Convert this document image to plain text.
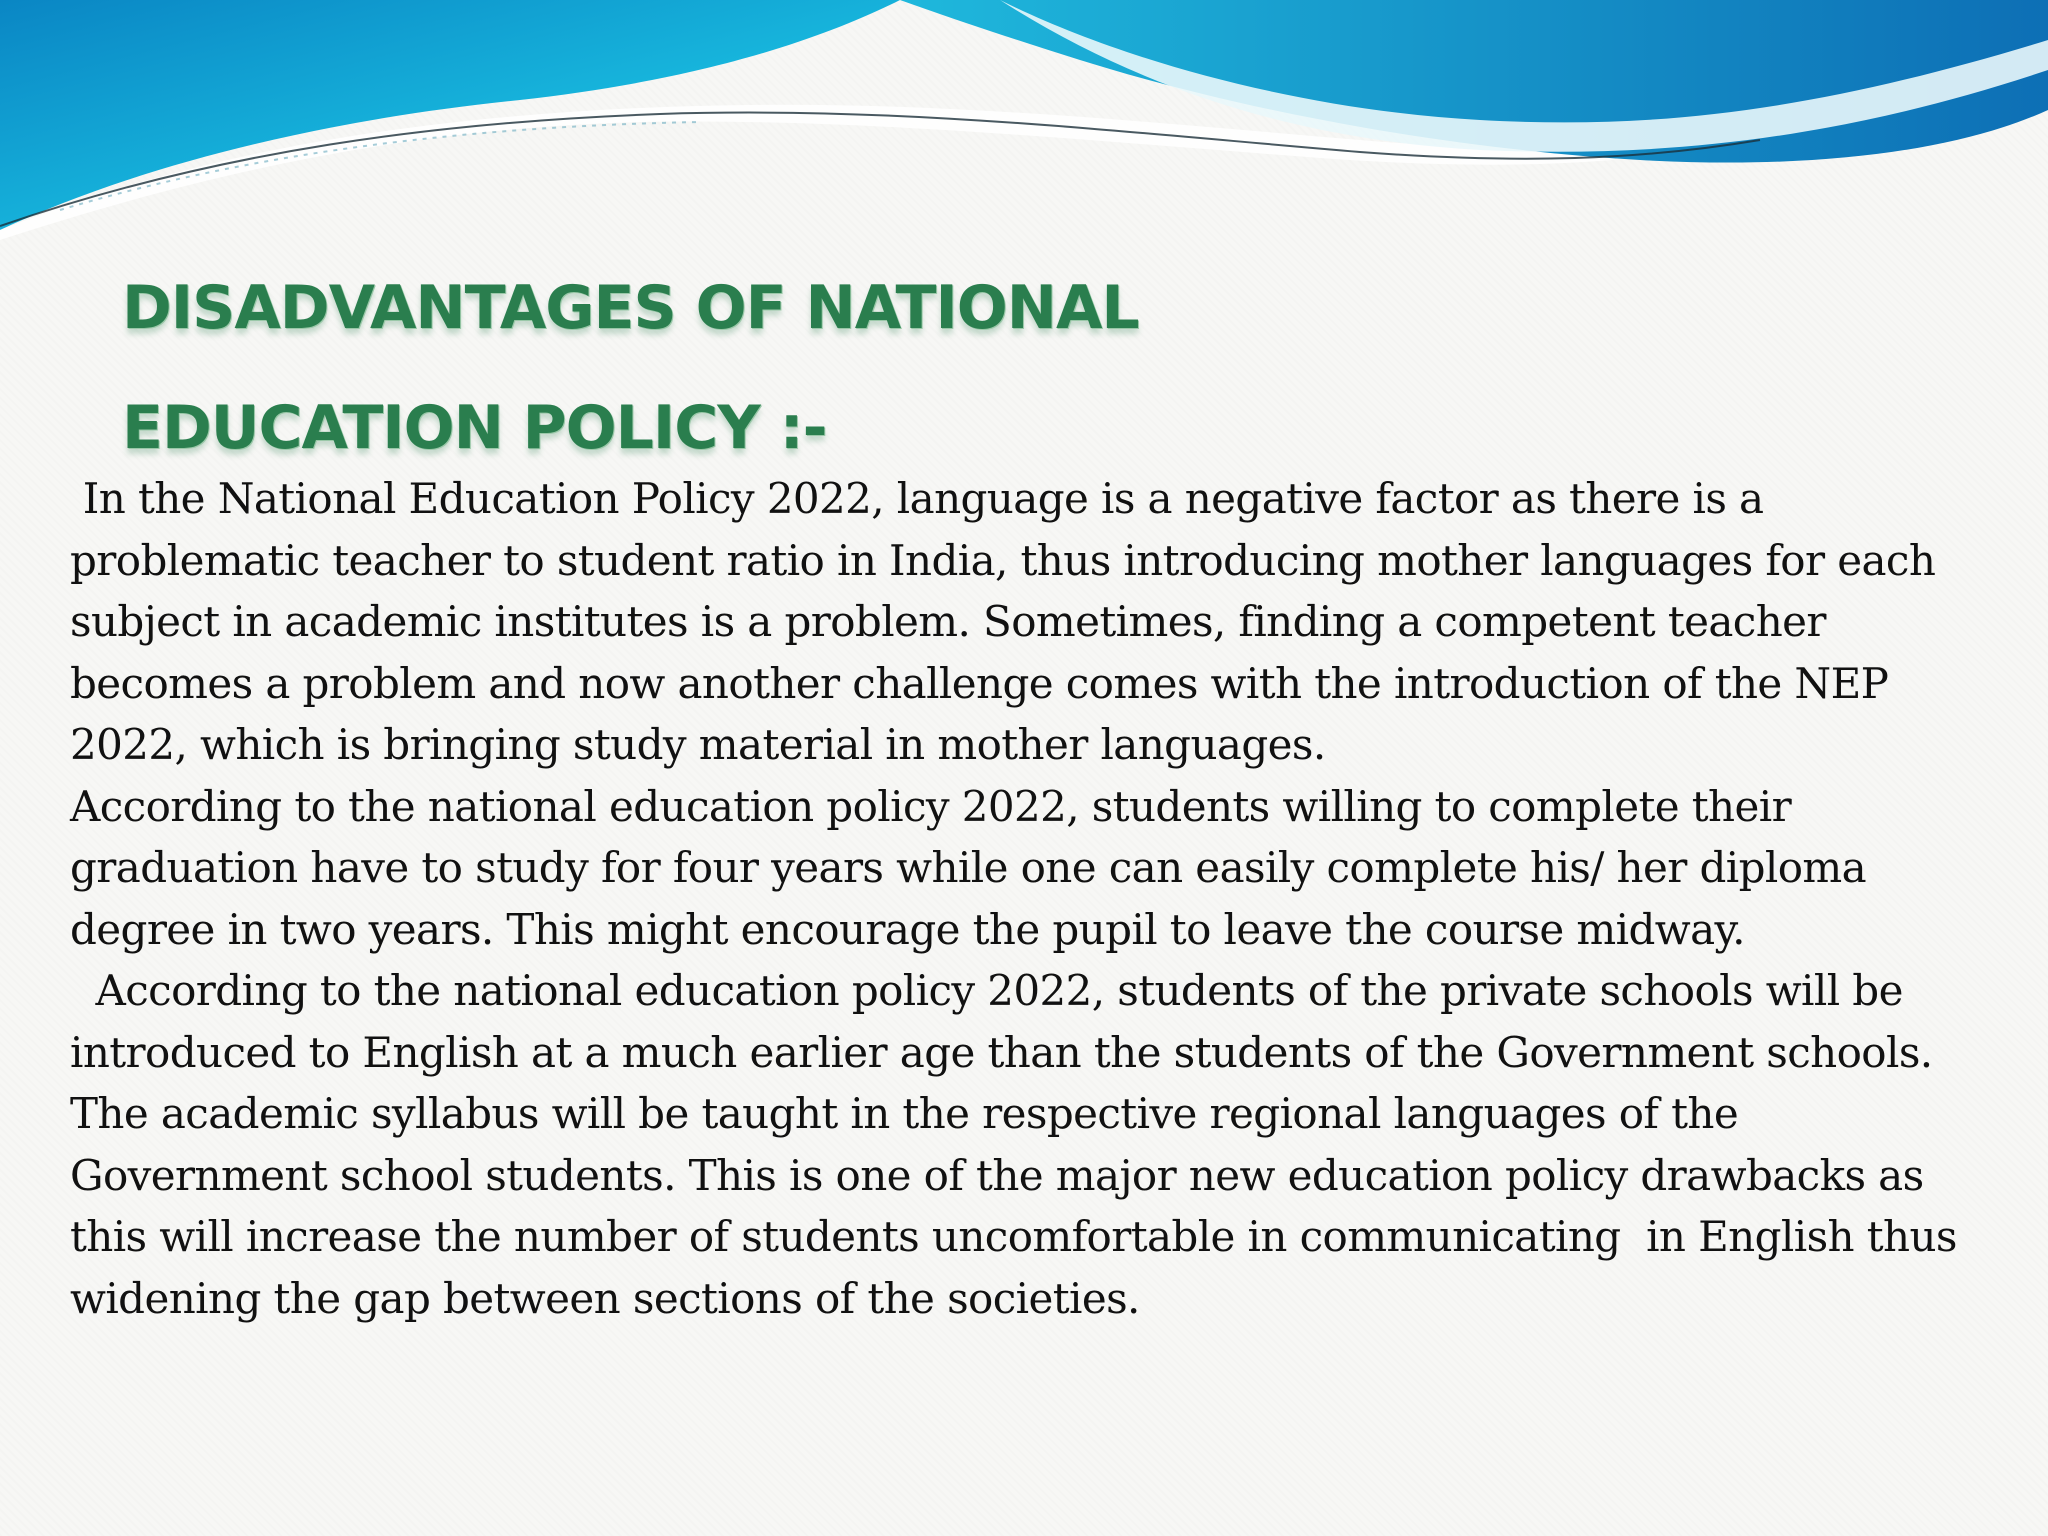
DISADVANTAGES OF NATIONAL
EDUCATION POLICY :-

In the National Education Policy 2022, language is a negative factor as there is a problematic teacher to student ratio in India, thus introducing mother languages for each subject in academic institutes is a problem. Sometimes, finding a competent teacher becomes a problem and now another challenge comes with the introduction of the NEP 2022, which is bringing study material in mother languages.

According to the national education policy 2022, students willing to complete their graduation have to study for four years while one can easily complete his/ her diploma degree in two years. This might encourage the pupil to leave the course midway.

According to the national education policy 2022, students of the private schools will be introduced to English at a much earlier age than the students of the Government schools. The academic syllabus will be taught in the respective regional languages of the Government school students. This is one of the major new education policy drawbacks as this will increase the number of students uncomfortable in communicating  in English thus widening the gap between sections of the societies.
